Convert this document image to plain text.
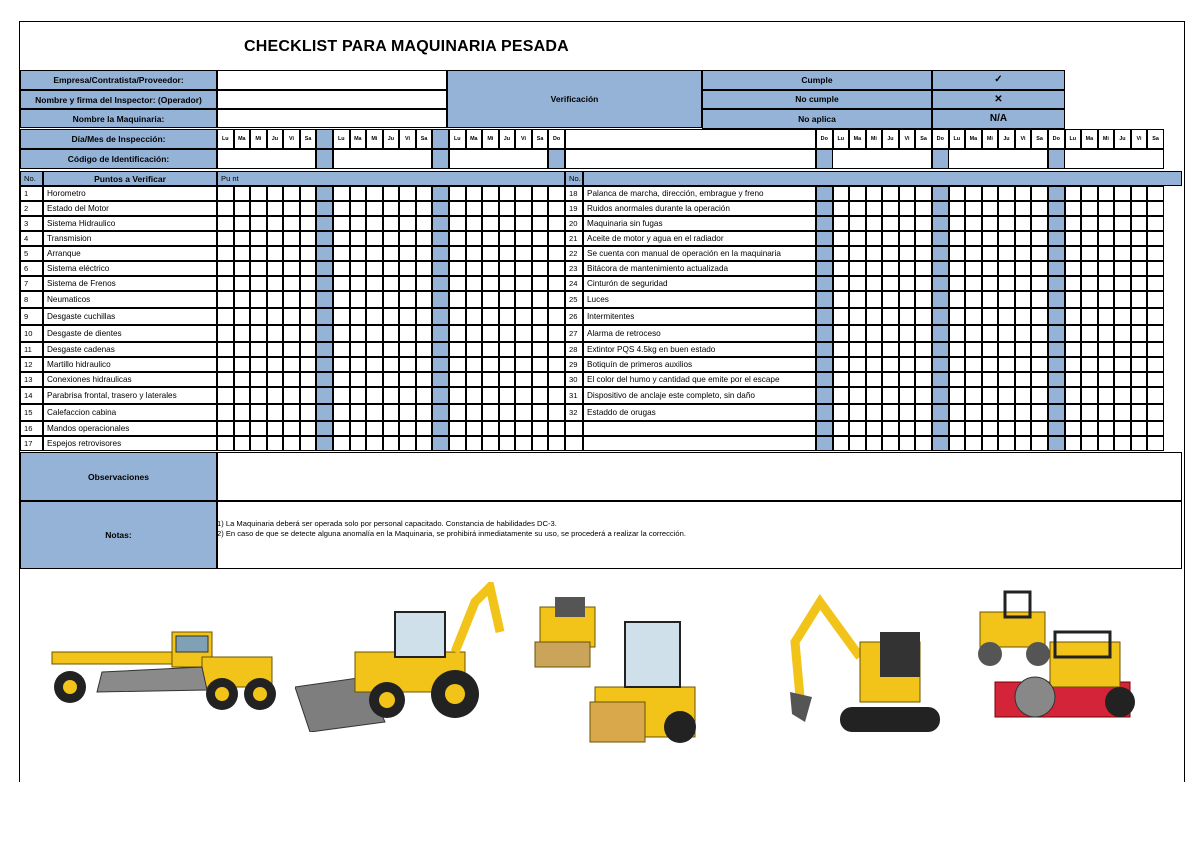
CHECKLIST PARA MAQUINARIA PESADA
Empresa/Contratista/Proveedor:
Nombre y firma del Inspector: (Operador)
Nombre la Maquinaria:
Verificación
Cumple	✓
No cumple	✕
No aplica	N/A
Día/Mes de Inspección:
Código de Identificación:
Lu	Ma	Mi	Ju	Vi	Sa	Lu	Ma	Mi	Ju	Vi	Sa	Lu	Ma	Mi	Ju	Vi	Sa	Do	Do	Lu	Ma	Mi	Ju	Vi	Sa	Do	Lu	Ma	Mi	Ju	Vi	Sa	Do	Lu	Ma	Mi	Ju	Vi	Sa
No.	Puntos a Verificar	Pu nt	No.
1	Horometro	18	Palanca de marcha, dirección, embrague y freno
2	Estado del Motor	19	Ruidos anormales durante la operación
3	Sistema Hidraulico	20	Maquinaria sin fugas
4	Transmision	21	Aceite de motor y agua en el radiador
5	Arranque	22	Se cuenta con manual de operación en la maquinaria
6	Sistema eléctrico	23	Bitácora de mantenimiento actualizada
7	Sistema de Frenos	24	Cinturón de seguridad
8	Neumaticos	25	Luces
9	Desgaste cuchillas	26	Intermitentes
10	Desgaste de dientes	27	Alarma de retroceso
11	Desgaste cadenas	28	Extintor PQS 4.5kg en buen estado
12	Martillo hidraulico	29	Botiquín de primeros auxilios
13	Conexiones hidraulicas	30	El color del humo y cantidad que emite por el escape
14	Parabrisa frontal, trasero y laterales	31	Dispositivo de anclaje este completo, sin daño
15	Calefaccion cabina	32	Estaddo de orugas
16	Mandos operacionales
17	Espejos retrovisores
Observaciones
Notas:
1) La Maquinaria deberá ser operada solo por personal capacitado. Constancia de habilidades DC-3.
2) En caso de que se detecte alguna anomalía en la Maquinaria, se prohibirá inmediatamente su uso, se procederá a realizar la corrección.
